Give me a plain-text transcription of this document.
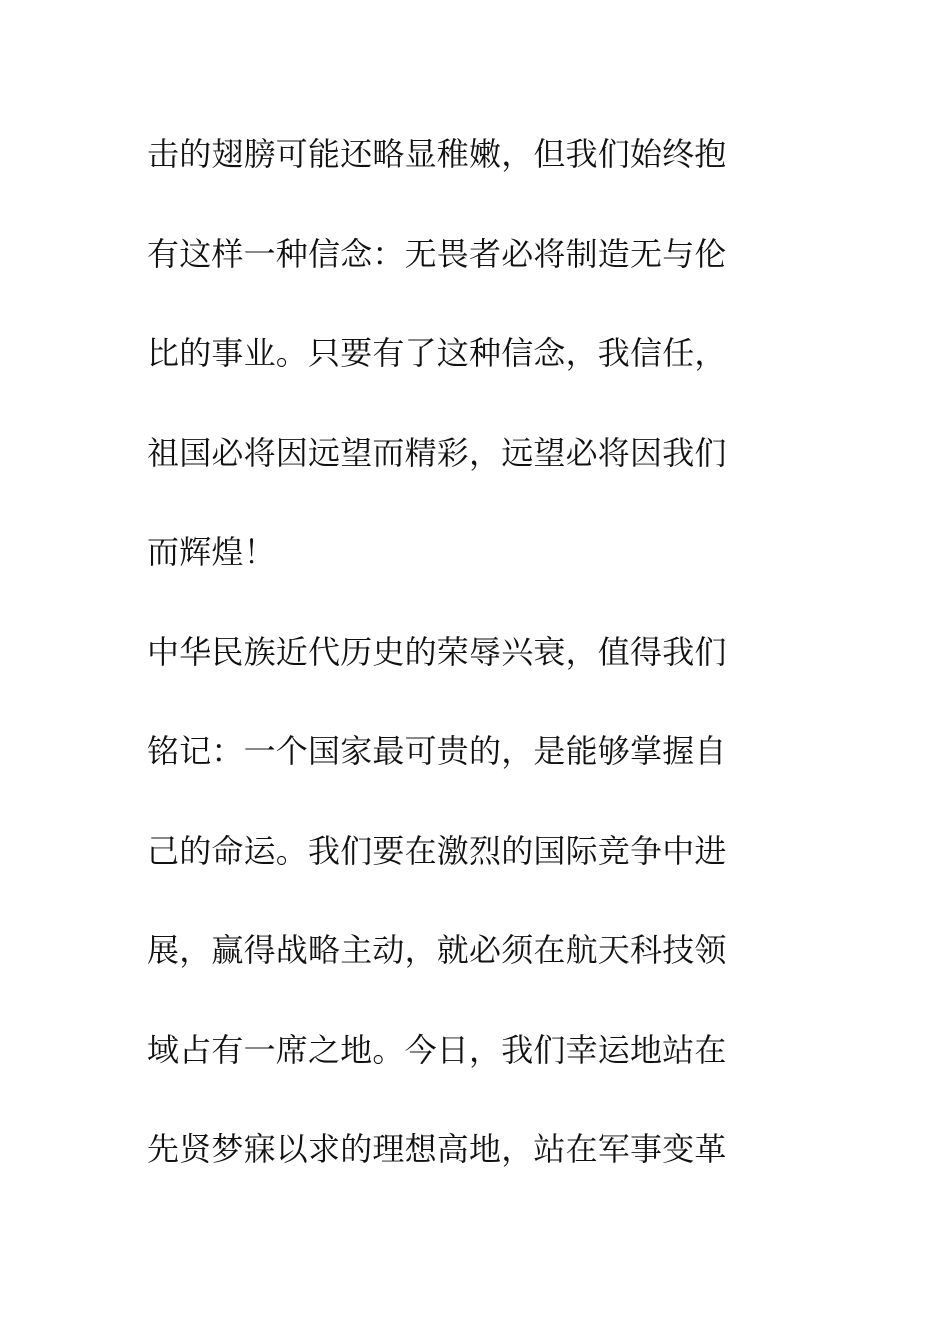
击的翅膀可能还略显稚嫩，但我们始终抱
有这样一种信念：无畏者必将制造无与伦
比的事业。只要有了这种信念，我信任，
祖国必将因远望而精彩，远望必将因我们
而辉煌！
中华民族近代历史的荣辱兴衰，值得我们
铭记：一个国家最可贵的，是能够掌握自
己的命运。我们要在激烈的国际竞争中进
展，赢得战略主动，就必须在航天科技领
域占有一席之地。今日，我们幸运地站在
先贤梦寐以求的理想高地，站在军事变革
